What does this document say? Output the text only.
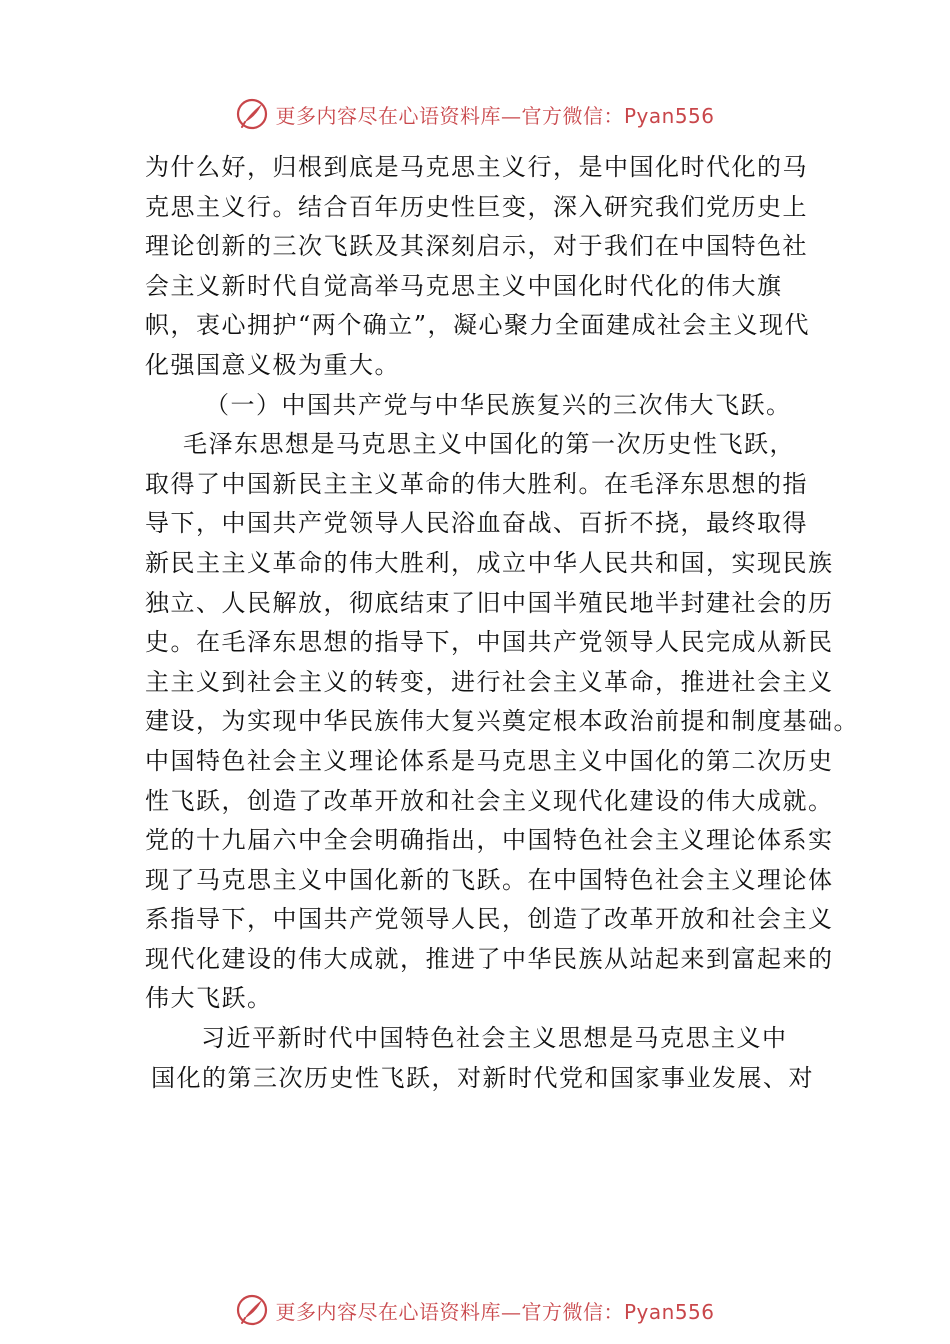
更多内容尽在心语资料库—官方微信：Pyan556
为什么好，归根到底是马克思主义行，是中国化时代化的马
克思主义行。结合百年历史性巨变，深入研究我们党历史上
理论创新的三次飞跃及其深刻启示，对于我们在中国特色社
会主义新时代自觉高举马克思主义中国化时代化的伟大旗
帜，衷心拥护“两个确立”，凝心聚力全面建成社会主义现代
化强国意义极为重大。
（一）中国共产党与中华民族复兴的三次伟大飞跃。
毛泽东思想是马克思主义中国化的第一次历史性飞跃，
取得了中国新民主主义革命的伟大胜利。在毛泽东思想的指
导下，中国共产党领导人民浴血奋战、百折不挠，最终取得
新民主主义革命的伟大胜利，成立中华人民共和国，实现民族
独立、人民解放，彻底结束了旧中国半殖民地半封建社会的历
史。在毛泽东思想的指导下，中国共产党领导人民完成从新民
主主义到社会主义的转变，进行社会主义革命，推进社会主义
建设，为实现中华民族伟大复兴奠定根本政治前提和制度基础。
中国特色社会主义理论体系是马克思主义中国化的第二次历史
性飞跃，创造了改革开放和社会主义现代化建设的伟大成就。
党的十九届六中全会明确指出，中国特色社会主义理论体系实
现了马克思主义中国化新的飞跃。在中国特色社会主义理论体
系指导下，中国共产党领导人民，创造了改革开放和社会主义
现代化建设的伟大成就，推进了中华民族从站起来到富起来的
伟大飞跃。
习近平新时代中国特色社会主义思想是马克思主义中
国化的第三次历史性飞跃，对新时代党和国家事业发展、对
更多内容尽在心语资料库—官方微信：Pyan556
